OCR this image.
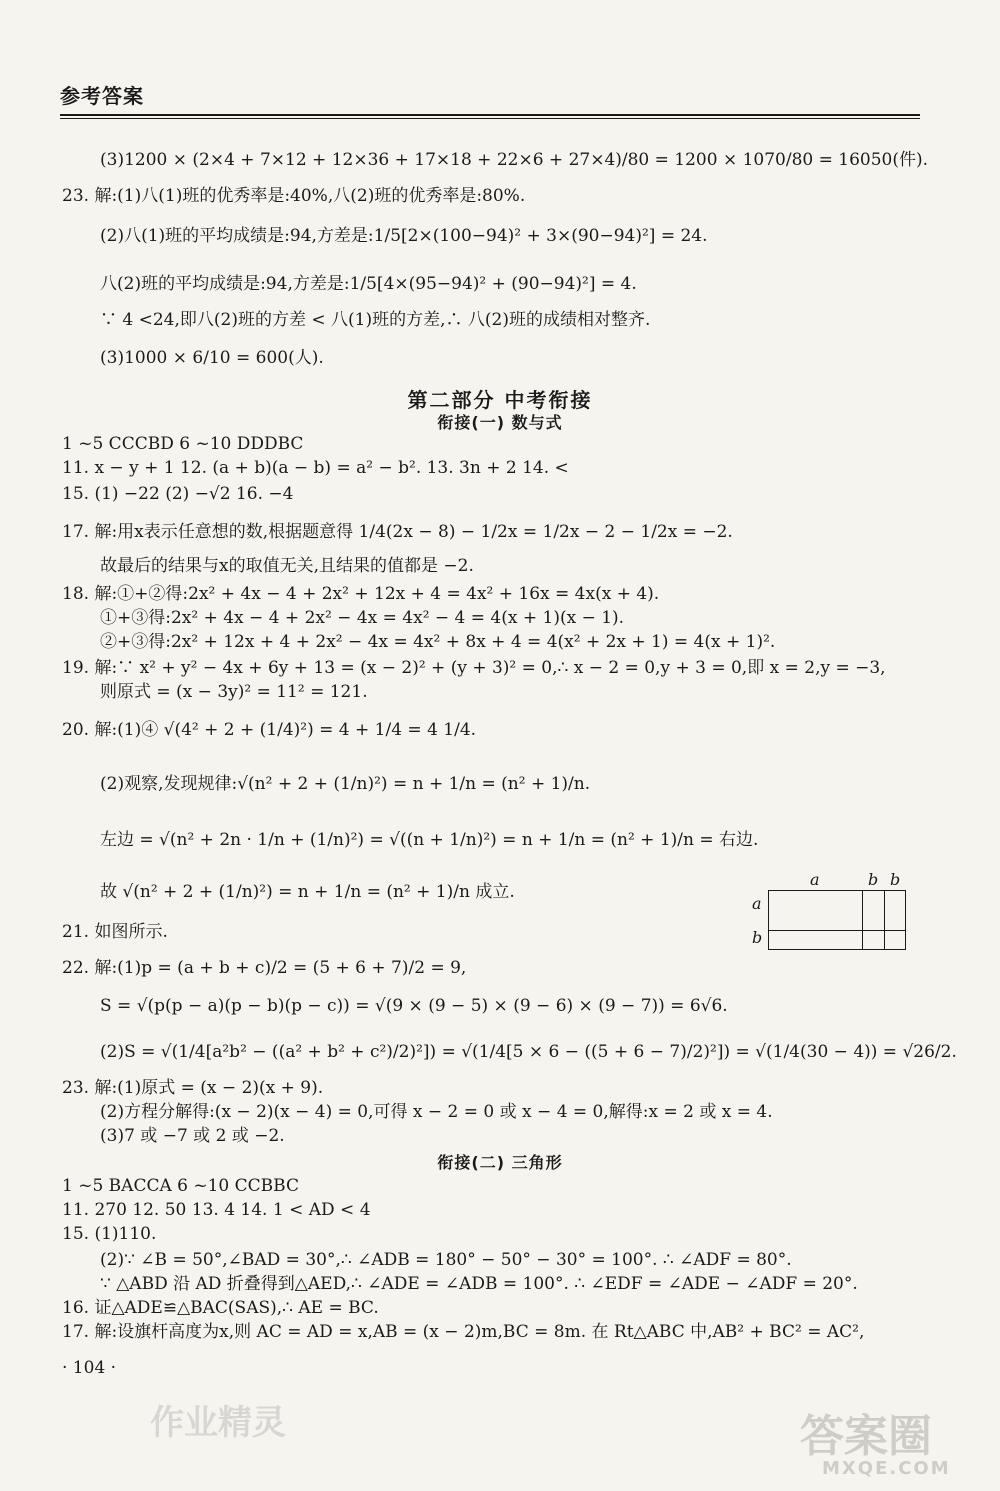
参考答案
(3)1200 × (2×4 + 7×12 + 12×36 + 17×18 + 22×6 + 27×4)/80 = 1200 × 1070/80 = 16050(件).
23. 解:(1)八(1)班的优秀率是:40%,八(2)班的优秀率是:80%.
(2)八(1)班的平均成绩是:94,方差是:1/5[2×(100−94)² + 3×(90−94)²] = 24.
八(2)班的平均成绩是:94,方差是:1/5[4×(95−94)² + (90−94)²] = 4.
∵ 4 <24,即八(2)班的方差 < 八(1)班的方差,∴ 八(2)班的成绩相对整齐.
(3)1000 × 6/10 = 600(人).
第二部分 中考衔接
衔接(一) 数与式
1 ~5 CCCBD 6 ~10 DDDBC
11. x − y + 1 12. (a + b)(a − b) = a² − b². 13. 3n + 2 14. <
15. (1) −22 (2) −√2 16. −4
17. 解:用x表示任意想的数,根据题意得 1/4(2x − 8) − 1/2x = 1/2x − 2 − 1/2x = −2.
故最后的结果与x的取值无关,且结果的值都是 −2.
18. 解:①+②得:2x² + 4x − 4 + 2x² + 12x + 4 = 4x² + 16x = 4x(x + 4).
①+③得:2x² + 4x − 4 + 2x² − 4x = 4x² − 4 = 4(x + 1)(x − 1).
②+③得:2x² + 12x + 4 + 2x² − 4x = 4x² + 8x + 4 = 4(x² + 2x + 1) = 4(x + 1)².
19. 解:∵ x² + y² − 4x + 6y + 13 = (x − 2)² + (y + 3)² = 0,∴ x − 2 = 0,y + 3 = 0,即 x = 2,y = −3,
则原式 = (x − 3y)² = 11² = 121.
20. 解:(1)④ √(4² + 2 + (1/4)²) = 4 + 1/4 = 4 1/4.
(2)观察,发现规律:√(n² + 2 + (1/n)²) = n + 1/n = (n² + 1)/n.
左边 = √(n² + 2n · 1/n + (1/n)²) = √((n + 1/n)²) = n + 1/n = (n² + 1)/n = 右边.
故 √(n² + 2 + (1/n)²) = n + 1/n = (n² + 1)/n 成立.
21. 如图所示.
22. 解:(1)p = (a + b + c)/2 = (5 + 6 + 7)/2 = 9,
S = √(p(p − a)(p − b)(p − c)) = √(9 × (9 − 5) × (9 − 6) × (9 − 7)) = 6√6.
(2)S = √(1/4[a²b² − ((a² + b² + c²)/2)²]) = √(1/4[5 × 6 − ((5 + 6 − 7)/2)²]) = √(1/4(30 − 4)) = √26/2.
23. 解:(1)原式 = (x − 2)(x + 9).
(2)方程分解得:(x − 2)(x − 4) = 0,可得 x − 2 = 0 或 x − 4 = 0,解得:x = 2 或 x = 4.
(3)7 或 −7 或 2 或 −2.
衔接(二) 三角形
1 ~5 BACCA 6 ~10 CCBBC
11. 270 12. 50 13. 4 14. 1 < AD < 4
15. (1)110.
(2)∵ ∠B = 50°,∠BAD = 30°,∴ ∠ADB = 180° − 50° − 30° = 100°. ∴ ∠ADF = 80°.
∵ △ABD 沿 AD 折叠得到△AED,∴ ∠ADE = ∠ADB = 100°. ∴ ∠EDF = ∠ADE − ∠ADF = 20°.
16. 证△ADE≌△BAC(SAS),∴ AE = BC.
17. 解:设旗杆高度为x,则 AC = AD = x,AB = (x − 2)m,BC = 8m. 在 Rt△ABC 中,AB² + BC² = AC²,
a	b b
a
b
· 104 ·
作业精灵	答案圈
MXQE.COM
